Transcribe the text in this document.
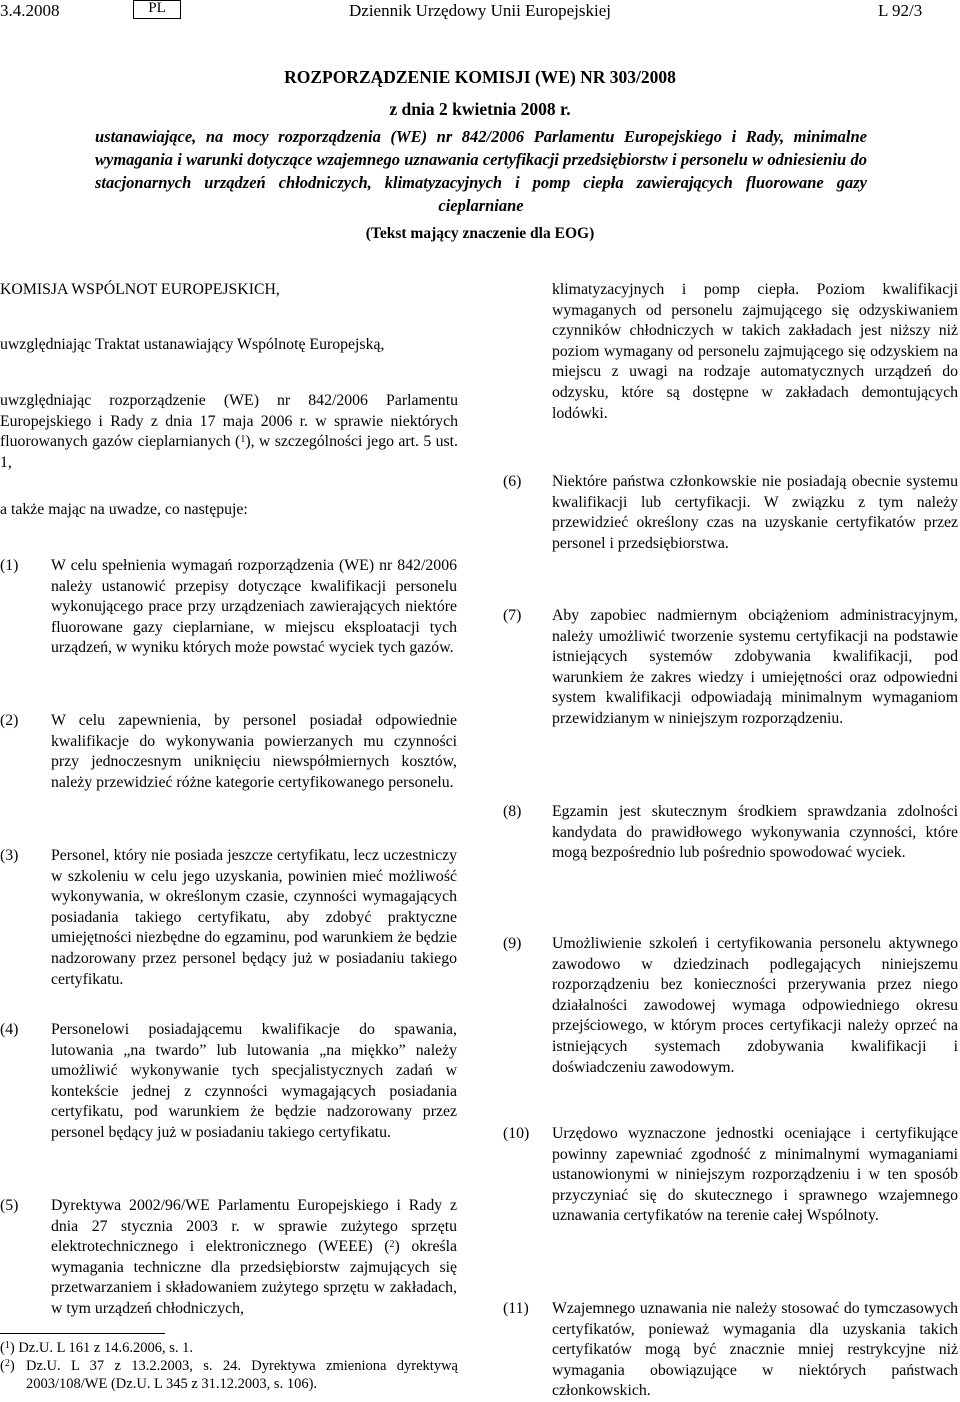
3.4.2008	PL	Dziennik Urzędowy Unii Europejskiej	L 92/3
ROZPORZĄDZENIE KOMISJI (WE) NR 303/2008
z dnia 2 kwietnia 2008 r.
ustanawiające, na mocy rozporządzenia (WE) nr 842/2006 Parlamentu Europejskiego i Rady, minimalne wymagania i warunki dotyczące wzajemnego uznawania certyfikacji przedsiębiorstw i personelu w odniesieniu do stacjonarnych urządzeń chłodniczych, klimatyzacyjnych i pomp ciepła zawierających fluorowane gazy cieplarniane
(Tekst mający znaczenie dla EOG)
KOMISJA WSPÓLNOT EUROPEJSKICH,
uwzględniając Traktat ustanawiający Wspólnotę Europejską,
uwzględniając rozporządzenie (WE) nr 842/2006 Parlamentu Europejskiego i Rady z dnia 17 maja 2006 r. w sprawie niektórych fluorowanych gazów cieplarnianych ($^1$), w szczególności jego art. 5 ust. 1,
a także mając na uwadze, co następuje:
(1) W celu spełnienia wymagań rozporządzenia (WE) nr 842/2006 należy ustanowić przepisy dotyczące kwalifikacji personelu wykonującego prace przy urządzeniach zawierających niektóre fluorowane gazy cieplarniane, w miejscu eksploatacji tych urządzeń, w wyniku których może powstać wyciek tych gazów.
(2) W celu zapewnienia, by personel posiadał odpowiednie kwalifikacje do wykonywania powierzanych mu czynności przy jednoczesnym uniknięciu niewspółmiernych kosztów, należy przewidzieć różne kategorie certyfikowanego personelu.
(3) Personel, który nie posiada jeszcze certyfikatu, lecz uczestniczy w szkoleniu w celu jego uzyskania, powinien mieć możliwość wykonywania, w określonym czasie, czynności wymagających posiadania takiego certyfikatu, aby zdobyć praktyczne umiejętności niezbędne do egzaminu, pod warunkiem że będzie nadzorowany przez personel będący już w posiadaniu takiego certyfikatu.
(4) Personelowi posiadającemu kwalifikacje do spawania, lutowania „na twardo” lub lutowania „na miękko” należy umożliwić wykonywanie tych specjalistycznych zadań w kontekście jednej z czynności wymagających posiadania certyfikatu, pod warunkiem że będzie nadzorowany przez personel będący już w posiadaniu takiego certyfikatu.
(5) Dyrektywa 2002/96/WE Parlamentu Europejskiego i Rady z dnia 27 stycznia 2003 r. w sprawie zużytego sprzętu elektrotechnicznego i elektronicznego (WEEE) ($^2$) określa wymagania techniczne dla przedsiębiorstw zajmujących się przetwarzaniem i składowaniem zużytego sprzętu w zakładach, w tym urządzeń chłodniczych,
($^1$) Dz.U. L 161 z 14.6.2006, s. 1.
($^2$) Dz.U. L 37 z 13.2.2003, s. 24. Dyrektywa zmieniona dyrektywą 2003/108/WE (Dz.U. L 345 z 31.12.2003, s. 106).
klimatyzacyjnych i pomp ciepła. Poziom kwalifikacji wymaganych od personelu zajmującego się odzyskiwaniem czynników chłodniczych w takich zakładach jest niższy niż poziom wymagany od personelu zajmującego się odzyskiem na miejscu z uwagi na rodzaje automatycznych urządzeń do odzysku, które są dostępne w zakładach demontujących lodówki.
(6) Niektóre państwa członkowskie nie posiadają obecnie systemu kwalifikacji lub certyfikacji. W związku z tym należy przewidzieć określony czas na uzyskanie certyfikatów przez personel i przedsiębiorstwa.
(7) Aby zapobiec nadmiernym obciążeniom administracyjnym, należy umożliwić tworzenie systemu certyfikacji na podstawie istniejących systemów zdobywania kwalifikacji, pod warunkiem że zakres wiedzy i umiejętności oraz odpowiedni system kwalifikacji odpowiadają minimalnym wymaganiom przewidzianym w niniejszym rozporządzeniu.
(8) Egzamin jest skutecznym środkiem sprawdzania zdolności kandydata do prawidłowego wykonywania czynności, które mogą bezpośrednio lub pośrednio spowodować wyciek.
(9) Umożliwienie szkoleń i certyfikowania personelu aktywnego zawodowo w dziedzinach podlegających niniejszemu rozporządzeniu bez konieczności przerywania przez niego działalności zawodowej wymaga odpowiedniego okresu przejściowego, w którym proces certyfikacji należy oprzeć na istniejących systemach zdobywania kwalifikacji i doświadczeniu zawodowym.
(10) Urzędowo wyznaczone jednostki oceniające i certyfikujące powinny zapewniać zgodność z minimalnymi wymaganiami ustanowionymi w niniejszym rozporządzeniu i w ten sposób przyczyniać się do skutecznego i sprawnego wzajemnego uznawania certyfikatów na terenie całej Wspólnoty.
(11) Wzajemnego uznawania nie należy stosować do tymczasowych certyfikatów, ponieważ wymagania dla uzyskania takich certyfikatów mogą być znacznie mniej restrykcyjne niż wymagania obowiązujące w niektórych państwach członkowskich.
